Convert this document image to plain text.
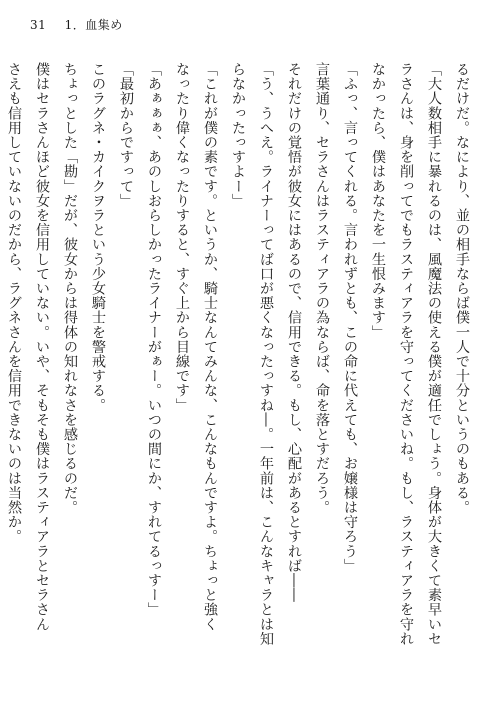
31 1．血集め
るだけだ。なにより、並の相手ならば僕一人で十分というのもある。
「大人数相手に暴れるのは、風魔法の使える僕が適任でしょう。身体が大きくて素早いセ
ラさんは、身を削ってでもラスティアラを守ってくださいね。もし、ラスティアラを守れ
なかったら、僕はあなたを一生恨みます」
「ふっ、言ってくれる。言われずとも、この命に代えても、お嬢様は守ろう」
言葉通り、セラさんはラスティアラの為ならば、命を落とすだろう。
それだけの覚悟が彼女にはあるので、信用できる。もし、心配があるとすれば――
「う、うへえ。ライナーってば口が悪くなったっすね―。一年前は、こんなキャラとは知
らなかったっすよー」
「これが僕の素です。というか、騎士なんてみんな、こんなもんですよ。ちょっと強く
なったり偉くなったりすると、すぐ上から目線です」
「あぁぁぁ、あのしおらしかったライナーがぁー。いつの間にか、すれてるっすー」
「最初からですって」
このラグネ・カイクヲラという少女騎士を警戒する。
ちょっとした「勘」だが、彼女からは得体の知れなさを感じるのだ。
僕はセラさんほど彼女を信用していない。いや、そもそも僕はラスティアラとセラさん
さえも信用していないのだから、ラグネさんを信用できないのは当然か。
